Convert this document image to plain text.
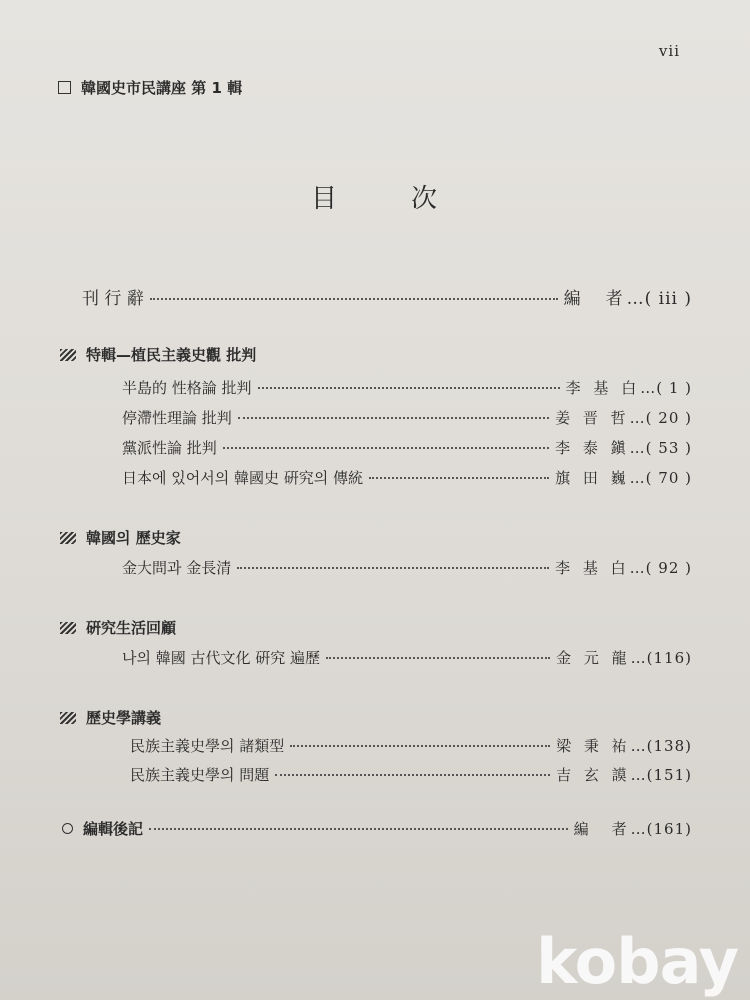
vii
韓國史市民講座 第 1 輯
目	次
刊 行 辭	編　者 …( iii )
特輯—植民主義史觀 批判
半島的 性格論 批判	李 基 白 …( 1 )
停滯性理論 批判	姜 晋 哲 …( 20 )
黨派性論 批判	李 泰 鎭 …( 53 )
日本에 있어서의 韓國史 硏究의 傳統	旗 田 巍 …( 70 )
韓國의 歷史家
金大問과 金長清	李 基 白 …( 92 )
硏究生活回顧
나의 韓國 古代文化 硏究 遍歷	金 元 龍 …(116)
歷史學講義
民族主義史學의 諸類型	梁 秉 祐 …(138)
民族主義史學의 問題	吉 玄 謨 …(151)
編輯後記	編　者 …(161)
kobay
